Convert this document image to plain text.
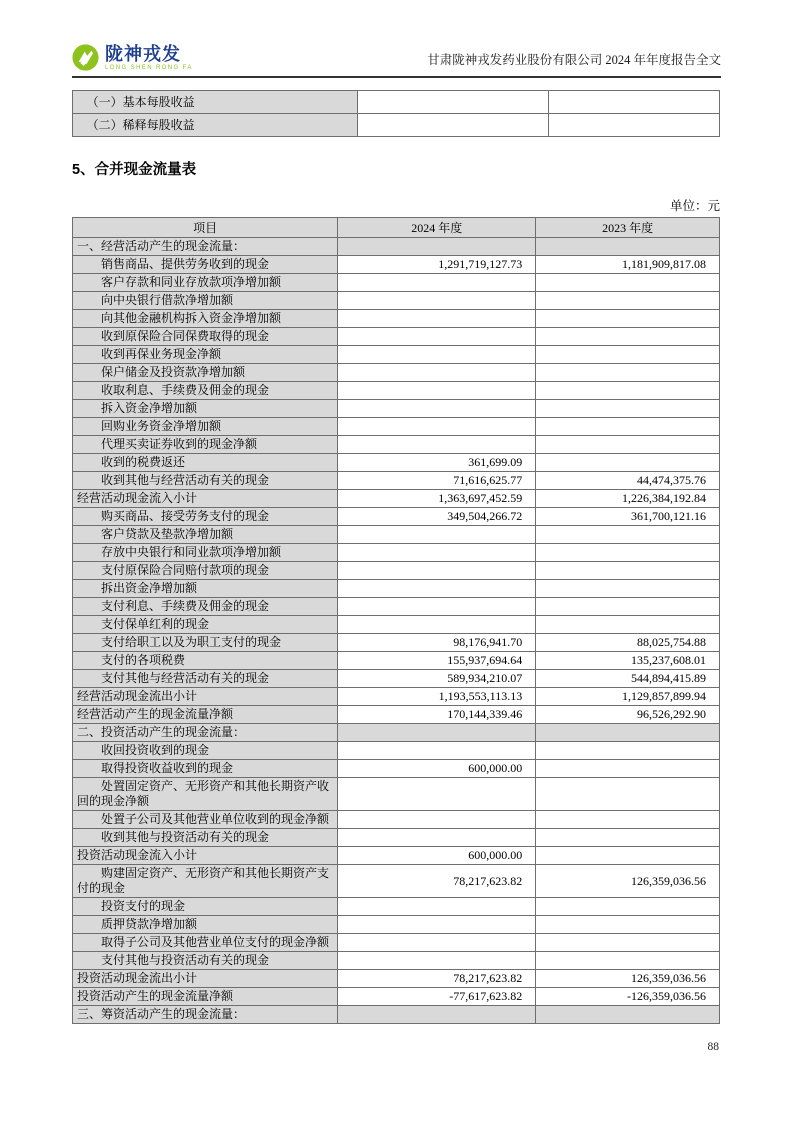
陇神戎发
LONG SHEN RONG FA
甘肃陇神戎发药业股份有限公司 2024 年年度报告全文
（一）基本每股收益		
（二）稀释每股收益		
5、合并现金流量表
单位：元
项目	2024 年度	2023 年度
一、经营活动产生的现金流量：		
销售商品、提供劳务收到的现金	1,291,719,127.73	1,181,909,817.08
客户存款和同业存放款项净增加额		
向中央银行借款净增加额		
向其他金融机构拆入资金净增加额		
收到原保险合同保费取得的现金		
收到再保业务现金净额		
保户储金及投资款净增加额		
收取利息、手续费及佣金的现金		
拆入资金净增加额		
回购业务资金净增加额		
代理买卖证券收到的现金净额		
收到的税费返还	361,699.09	
收到其他与经营活动有关的现金	71,616,625.77	44,474,375.76
经营活动现金流入小计	1,363,697,452.59	1,226,384,192.84
购买商品、接受劳务支付的现金	349,504,266.72	361,700,121.16
客户贷款及垫款净增加额		
存放中央银行和同业款项净增加额		
支付原保险合同赔付款项的现金		
拆出资金净增加额		
支付利息、手续费及佣金的现金		
支付保单红利的现金		
支付给职工以及为职工支付的现金	98,176,941.70	88,025,754.88
支付的各项税费	155,937,694.64	135,237,608.01
支付其他与经营活动有关的现金	589,934,210.07	544,894,415.89
经营活动现金流出小计	1,193,553,113.13	1,129,857,899.94
经营活动产生的现金流量净额	170,144,339.46	96,526,292.90
二、投资活动产生的现金流量：		
收回投资收到的现金		
取得投资收益收到的现金	600,000.00	
处置固定资产、无形资产和其他长期资产收回的现金净额		
处置子公司及其他营业单位收到的现金净额		
收到其他与投资活动有关的现金		
投资活动现金流入小计	600,000.00	
购建固定资产、无形资产和其他长期资产支付的现金	78,217,623.82	126,359,036.56
投资支付的现金		
质押贷款净增加额		
取得子公司及其他营业单位支付的现金净额		
支付其他与投资活动有关的现金		
投资活动现金流出小计	78,217,623.82	126,359,036.56
投资活动产生的现金流量净额	-77,617,623.82	-126,359,036.56
三、筹资活动产生的现金流量：		
88
